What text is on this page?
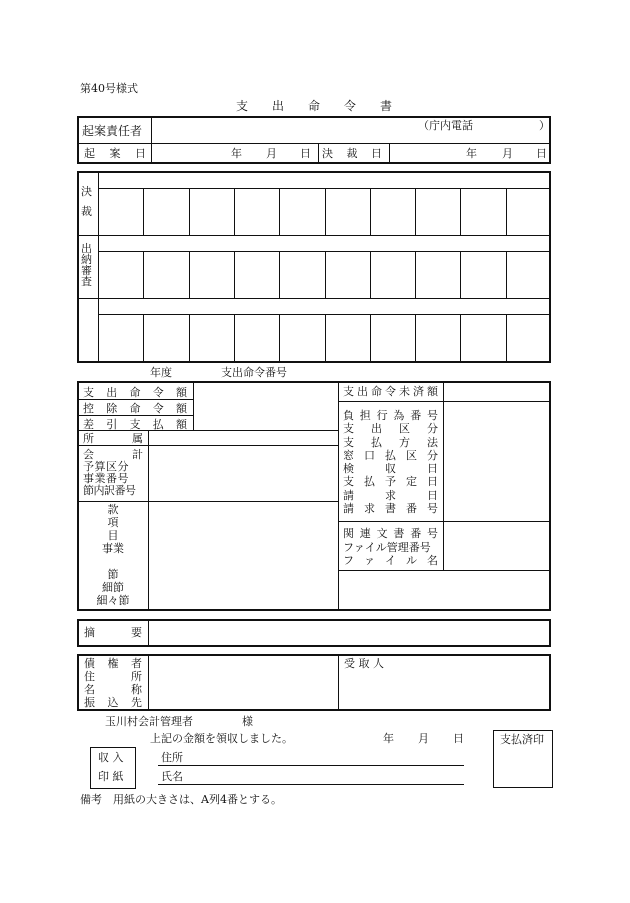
第40号様式
支 出 命 令 書
起案責任者	（庁内電話	）
起 案 日	年 月 日 決 裁 日	年 月 日
決
裁
出
納
審
査
年度	支出命令番号
支 出 命 令 額
控 除 命 令 額
差 引 支 払 額
所	属
会	計
予算区分
事業番号
節内訳番号
款
項
目
事業

節
細節
細々節
支 出 命 令 未 済 額
負 担 行 為 番 号
支 出 区 分
支 払 方 法
窓 口 払 区 分
検	収	日
支 払 予 定 日
請	求	日
請 求 書 番 号
関 連 文 書 番 号
ファイル管理番号
フ ァ イ ル 名
摘	要
債 権 者
住	所
名	称
振 込 先
受 取 人
玉川村会計管理者	様
上記の金額を領収しました。	年 月 日
収 入
印 紙
住所
氏名
支払済印
備考　用紙の大きさは、A列4番とする。
